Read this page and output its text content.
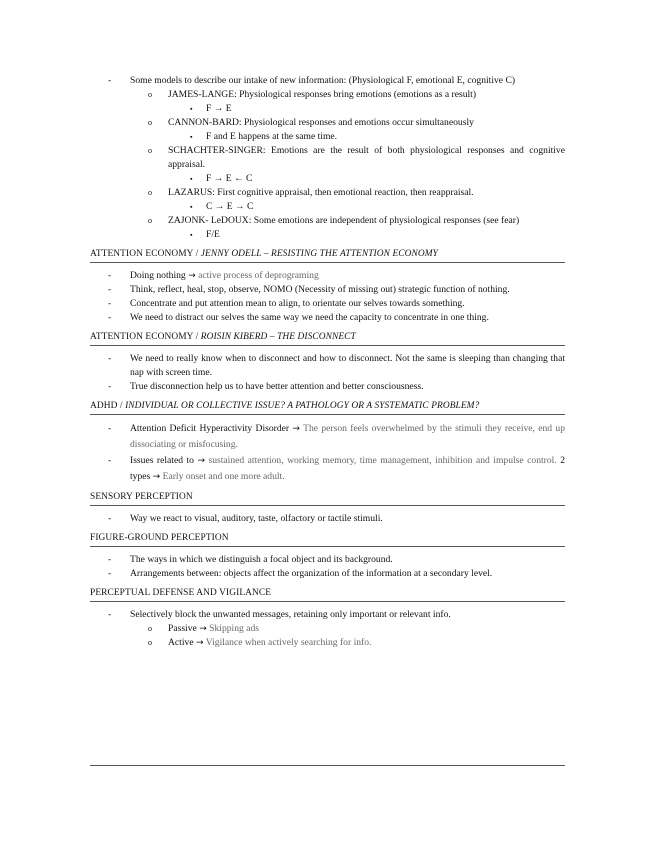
-	Some models to describe our intake of new information: (Physiological F, emotional E, cognitive C)
o	JAMES-LANGE: Physiological responses bring emotions (emotions as a result)
▪	F → E
o	CANNON-BARD: Physiological responses and emotions occur simultaneously
▪	F and E happens at the same time.
o	SCHACHTER-SINGER: Emotions are the result of both physiological responses and cognitive appraisal.
▪	F → E ← C
o	LAZARUS: First cognitive appraisal, then emotional reaction, then reappraisal.
▪	C → E → C
o	ZAJONK- LeDOUX: Some emotions are independent of physiological responses (see fear)
▪	F/E
ATTENTION ECONOMY / JENNY ODELL – RESISTING THE ATTENTION ECONOMY
-	Doing nothing → active process of deprograming
-	Think, reflect, heal, stop, observe, NOMO (Necessity of missing out) strategic function of nothing.
-	Concentrate and put attention mean to align, to orientate our selves towards something.
-	We need to distract our selves the same way we need the capacity to concentrate in one thing.
ATTENTION ECONOMY / ROISIN KIBERD – THE DISCONNECT
-	We need to really know when to disconnect and how to disconnect. Not the same is sleeping than changing that nap with screen time.
-	True disconnection help us to have better attention and better consciousness.
ADHD / INDIVIDUAL OR COLLECTIVE ISSUE? A PATHOLOGY OR A SYSTEMATIC PROBLEM?
-	Attention Deficit Hyperactivity Disorder → The person feels overwhelmed by the stimuli they receive, end up dissociating or misfocusing.
-	Issues related to → sustained attention, working memory, time management, inhibition and impulse control. 2 types → Early onset and one more adult.
SENSORY PERCEPTION
-	Way we react to visual, auditory, taste, olfactory or tactile stimuli.
FIGURE-GROUND PERCEPTION
-	The ways in which we distinguish a focal object and its background.
-	Arrangements between: objects affect the organization of the information at a secondary level.
PERCEPTUAL DEFENSE AND VIGILANCE
-	Selectively block the unwanted messages, retaining only important or relevant info.
o	Passive → Skipping ads
o	Active → Vigilance when actively searching for info.
